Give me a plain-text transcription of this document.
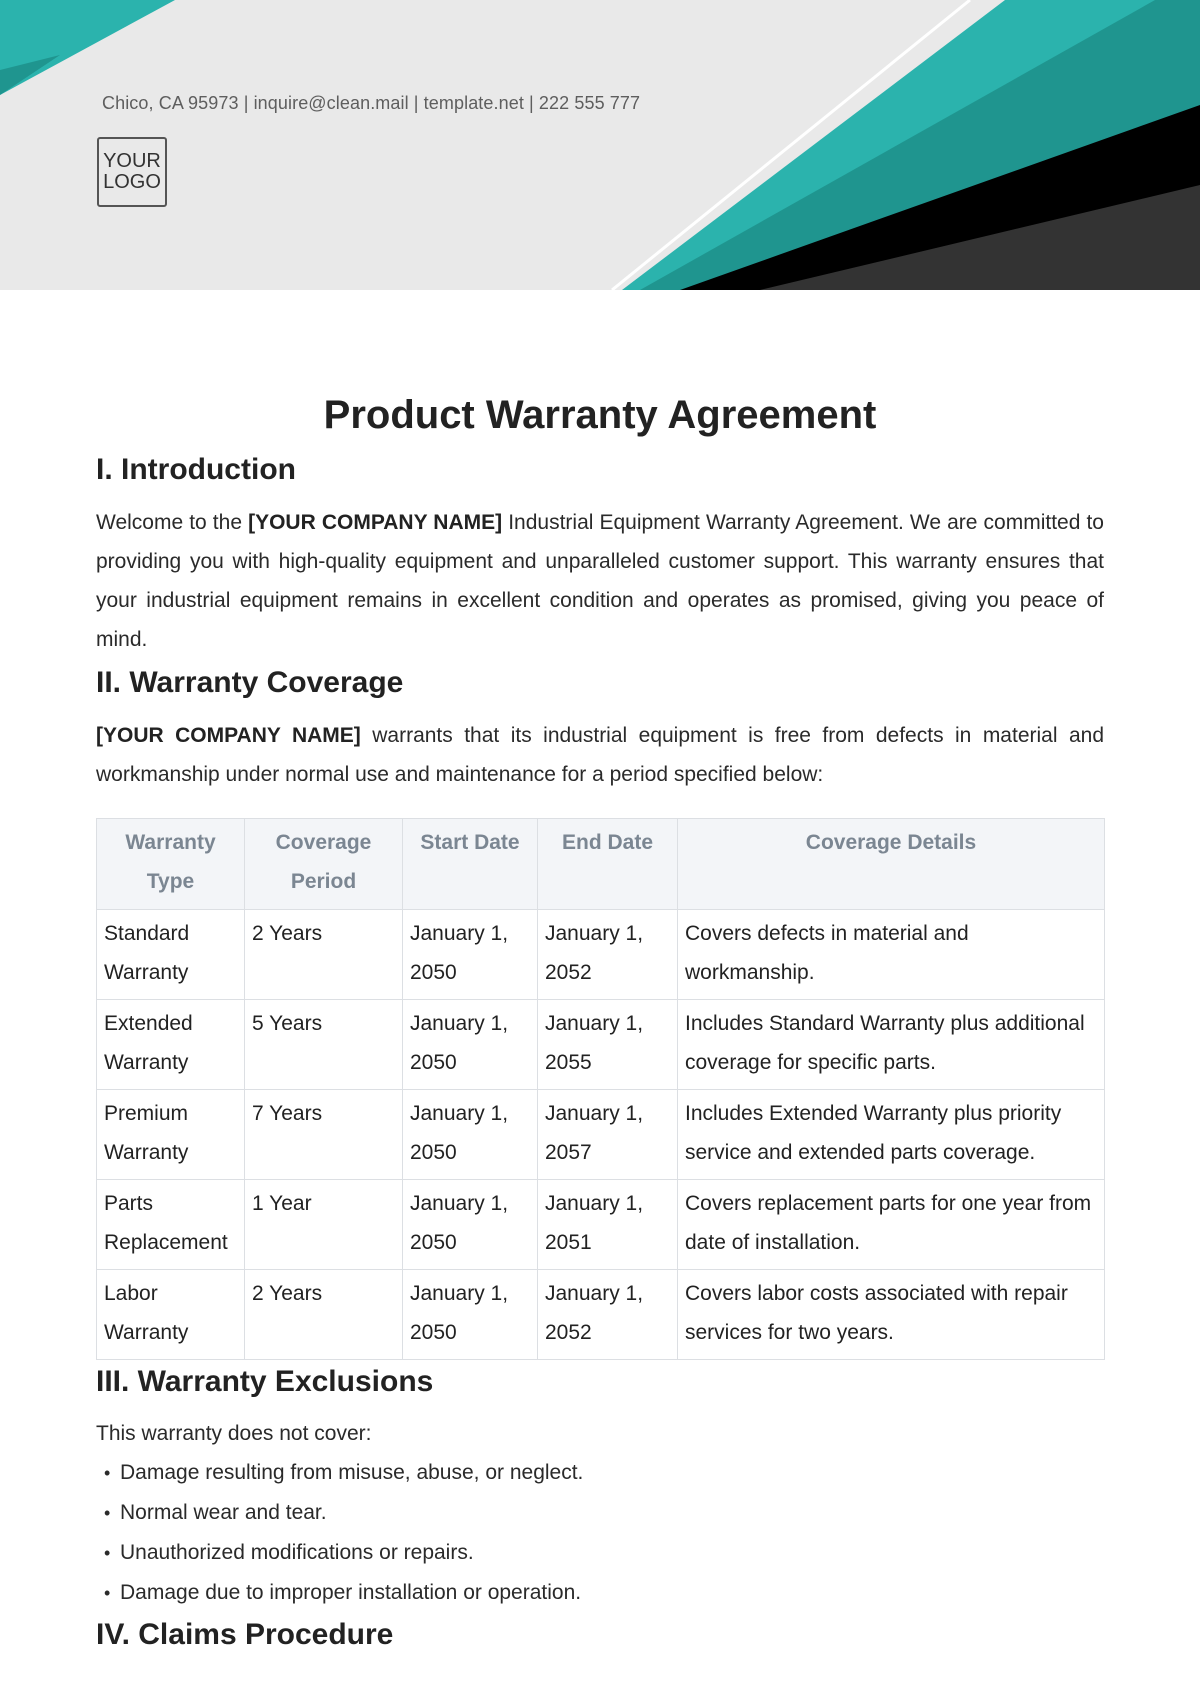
Chico, CA 95973 | inquire@clean.mail | template.net | 222 555 777
YOUR
LOGO
Product Warranty Agreement
I. Introduction

Welcome to the [YOUR COMPANY NAME] Industrial Equipment Warranty Agreement. We are committed to providing you with high-quality equipment and unparalleled customer support. This warranty ensures that your industrial equipment remains in excellent condition and operates as promised, giving you peace of mind.

II. Warranty Coverage

[YOUR COMPANY NAME] warrants that its industrial equipment is free from defects in material and workmanship under normal use and maintenance for a period specified below:

Warranty Type	Coverage Period	Start Date	End Date	Coverage Details
Standard Warranty	2 Years	January 1, 2050	January 1, 2052	Covers defects in material and workmanship.
Extended Warranty	5 Years	January 1, 2050	January 1, 2055	Includes Standard Warranty plus additional coverage for specific parts.
Premium Warranty	7 Years	January 1, 2050	January 1, 2057	Includes Extended Warranty plus priority service and extended parts coverage.
Parts Replacement	1 Year	January 1, 2050	January 1, 2051	Covers replacement parts for one year from date of installation.
Labor Warranty	2 Years	January 1, 2050	January 1, 2052	Covers labor costs associated with repair services for two years.
III. Warranty Exclusions

This warranty does not cover:

• Damage resulting from misuse, abuse, or neglect.
• Normal wear and tear.
• Unauthorized modifications or repairs.
• Damage due to improper installation or operation.
IV. Claims Procedure
